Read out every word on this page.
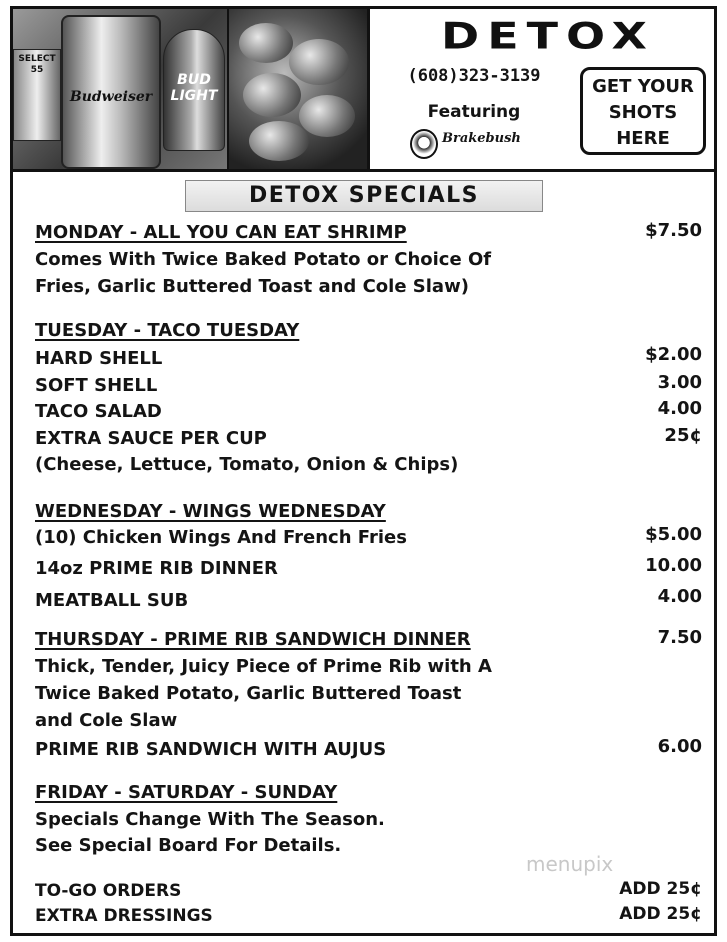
SELECT 55
Budweiser
BUD LIGHT
DETOX
(608)323-3139
Featuring
Brakebush
GET YOUR
SHOTS
HERE
DETOX SPECIALS
MONDAY - ALL YOU CAN EAT SHRIMP	$7.50
Comes With Twice Baked Potato or Choice Of
Fries, Garlic Buttered Toast and Cole Slaw)
TUESDAY - TACO TUESDAY
HARD SHELL	$2.00
SOFT SHELL	3.00
TACO SALAD	4.00
EXTRA SAUCE PER CUP	25¢
(Cheese, Lettuce, Tomato, Onion & Chips)
WEDNESDAY - WINGS WEDNESDAY
(10) Chicken Wings And French Fries	$5.00
14oz PRIME RIB DINNER	10.00
MEATBALL SUB	4.00
THURSDAY - PRIME RIB SANDWICH DINNER	7.50
Thick, Tender, Juicy Piece of Prime Rib with A
Twice Baked Potato, Garlic Buttered Toast
and Cole Slaw
PRIME RIB SANDWICH WITH AUJUS	6.00
FRIDAY - SATURDAY - SUNDAY
Specials Change With The Season.
See Special Board For Details.
TO-GO ORDERS	ADD 25¢
EXTRA DRESSINGS	ADD 25¢
menupix
